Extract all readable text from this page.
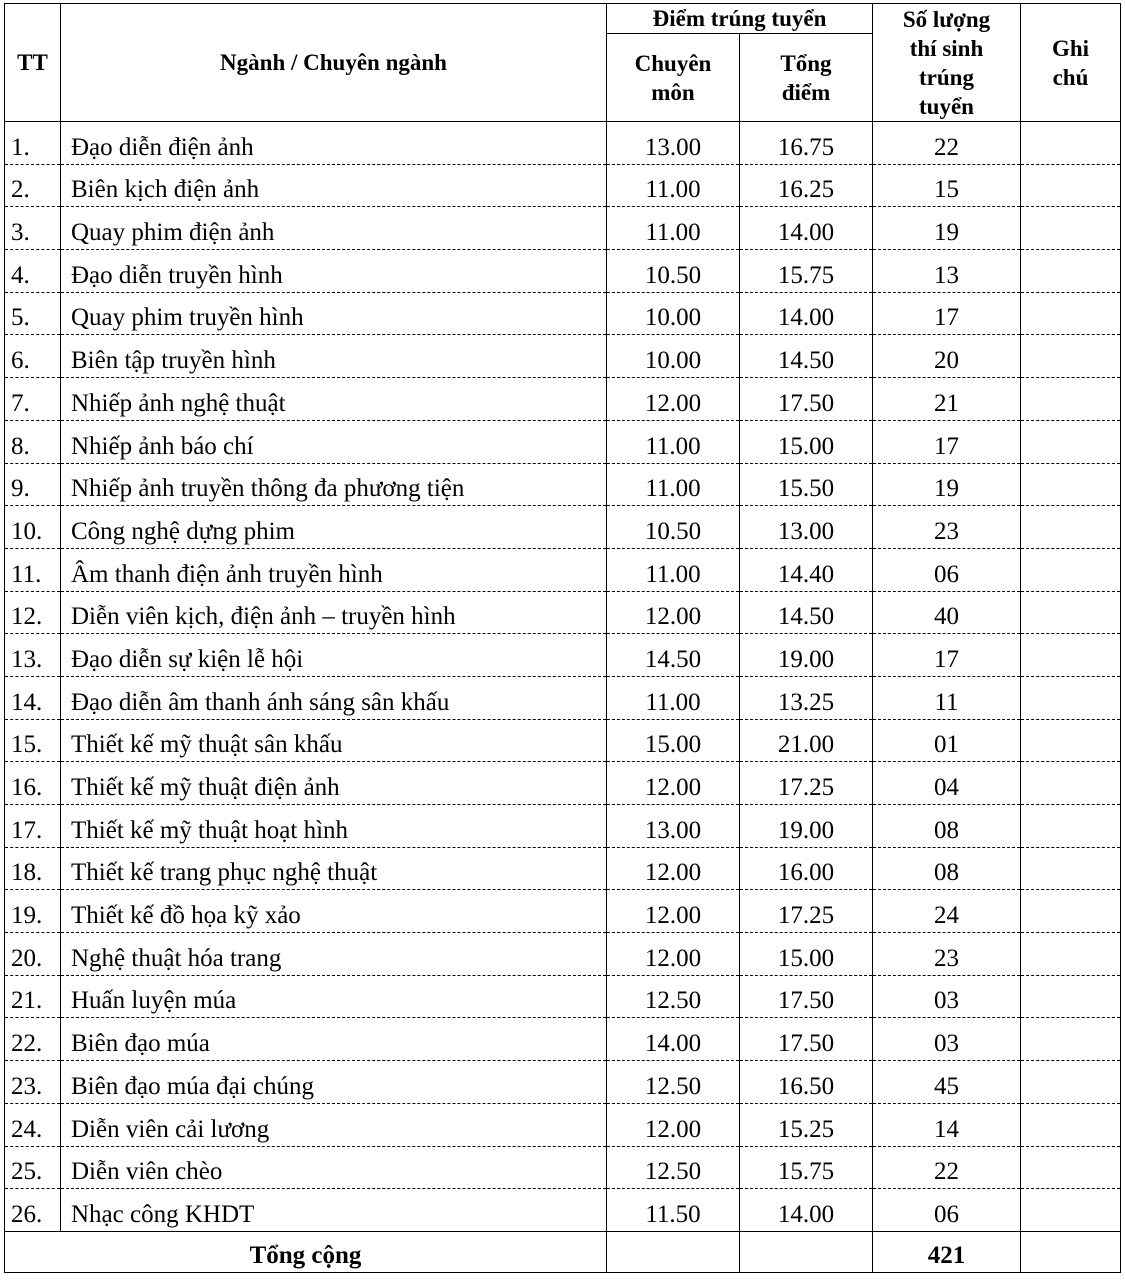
TT	Ngành / Chuyên ngành	Điểm trúng tuyển		Số lượng thí sinh trúng tuyển	Ghi chú
		Chuyên môn	Tổng điểm		
1.	Đạo diễn điện ảnh	13.00	16.75	22	
2.	Biên kịch điện ảnh	11.00	16.25	15	
3.	Quay phim điện ảnh	11.00	14.00	19	
4.	Đạo diễn truyền hình	10.50	15.75	13	
5.	Quay phim truyền hình	10.00	14.00	17	
6.	Biên tập truyền hình	10.00	14.50	20	
7.	Nhiếp ảnh nghệ thuật	12.00	17.50	21	
8.	Nhiếp ảnh báo chí	11.00	15.00	17	
9.	Nhiếp ảnh truyền thông đa phương tiện	11.00	15.50	19	
10.	Công nghệ dựng phim	10.50	13.00	23	
11.	Âm thanh điện ảnh truyền hình	11.00	14.40	06	
12.	Diễn viên kịch, điện ảnh – truyền hình	12.00	14.50	40	
13.	Đạo diễn sự kiện lễ hội	14.50	19.00	17	
14.	Đạo diễn âm thanh ánh sáng sân khấu	11.00	13.25	11	
15.	Thiết kế mỹ thuật sân khấu	15.00	21.00	01	
16.	Thiết kế mỹ thuật điện ảnh	12.00	17.25	04	
17.	Thiết kế mỹ thuật hoạt hình	13.00	19.00	08	
18.	Thiết kế trang phục nghệ thuật	12.00	16.00	08	
19.	Thiết kế đồ họa kỹ xảo	12.00	17.25	24	
20.	Nghệ thuật hóa trang	12.00	15.00	23	
21.	Huấn luyện múa	12.50	17.50	03	
22.	Biên đạo múa	14.00	17.50	03	
23.	Biên đạo múa đại chúng	12.50	16.50	45	
24.	Diễn viên cải lương	12.00	15.25	14	
25.	Diễn viên chèo	12.50	15.75	22	
26.	Nhạc công KHDT	11.50	14.00	06	
Tổng cộng				421	
